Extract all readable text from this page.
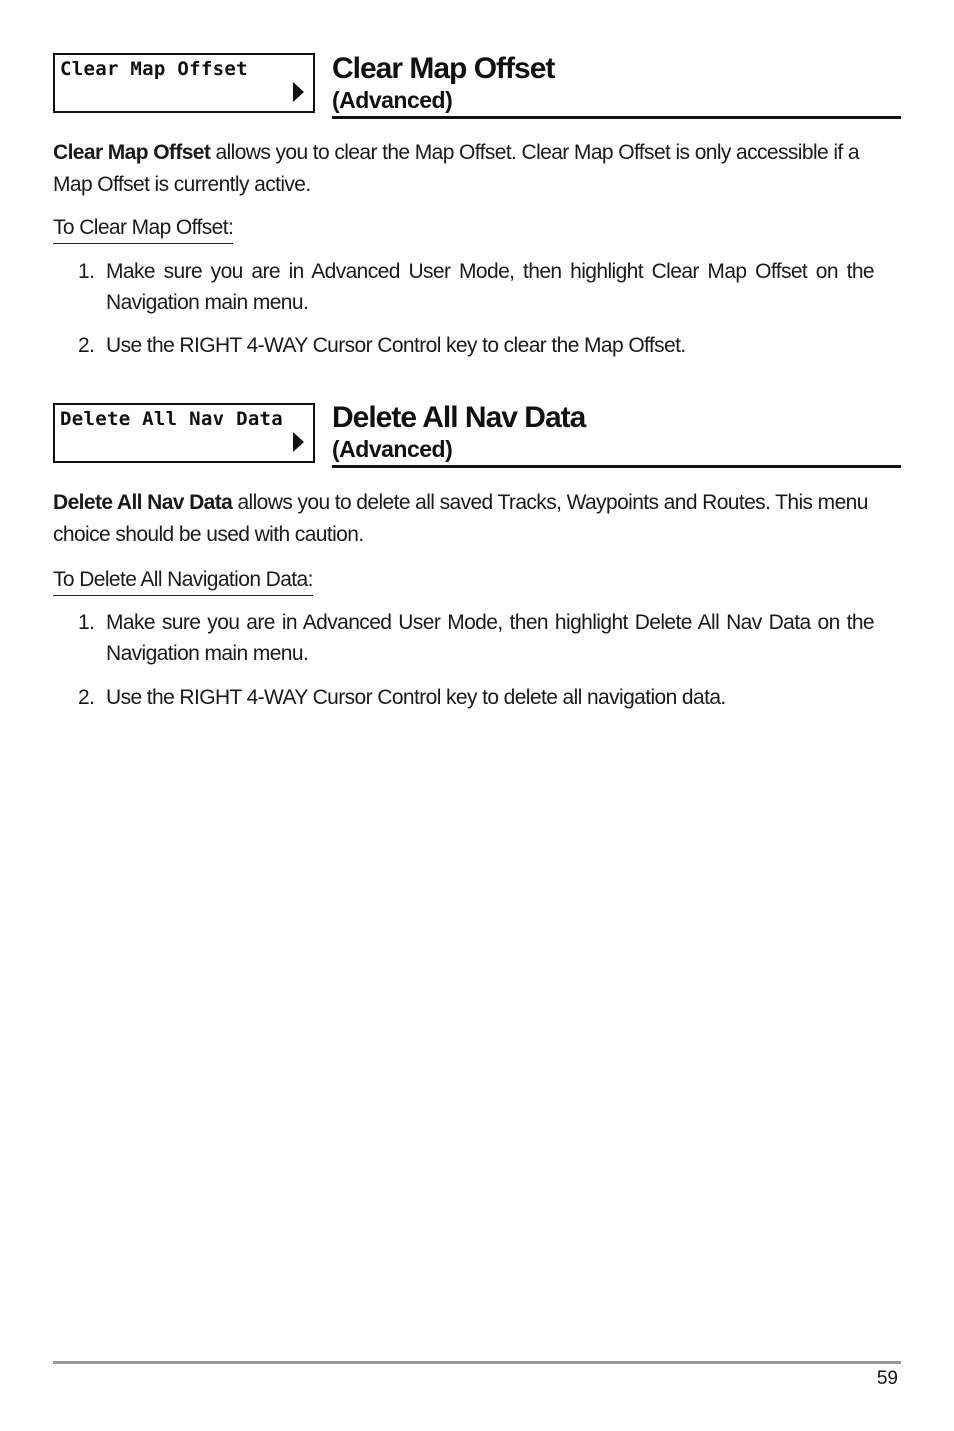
Clear Map Offset	Clear Map Offset
(Advanced)

Clear Map Offset allows you to clear the Map Offset. Clear Map Offset is only accessible if a Map Offset is currently active.

To Clear Map Offset:
1. Make sure you are in Advanced User Mode, then highlight Clear Map Offset on the Navigation main menu.
2. Use the RIGHT 4-WAY Cursor Control key to clear the Map Offset.
Delete All Nav Data Delete All Nav Data
(Advanced)

Delete All Nav Data allows you to delete all saved Tracks, Waypoints and Routes. This menu choice should be used with caution.

To Delete All Navigation Data:
1. Make sure you are in Advanced User Mode, then highlight Delete All Nav Data on the Navigation main menu.
2. Use the RIGHT 4-WAY Cursor Control key to delete all navigation data.
59
